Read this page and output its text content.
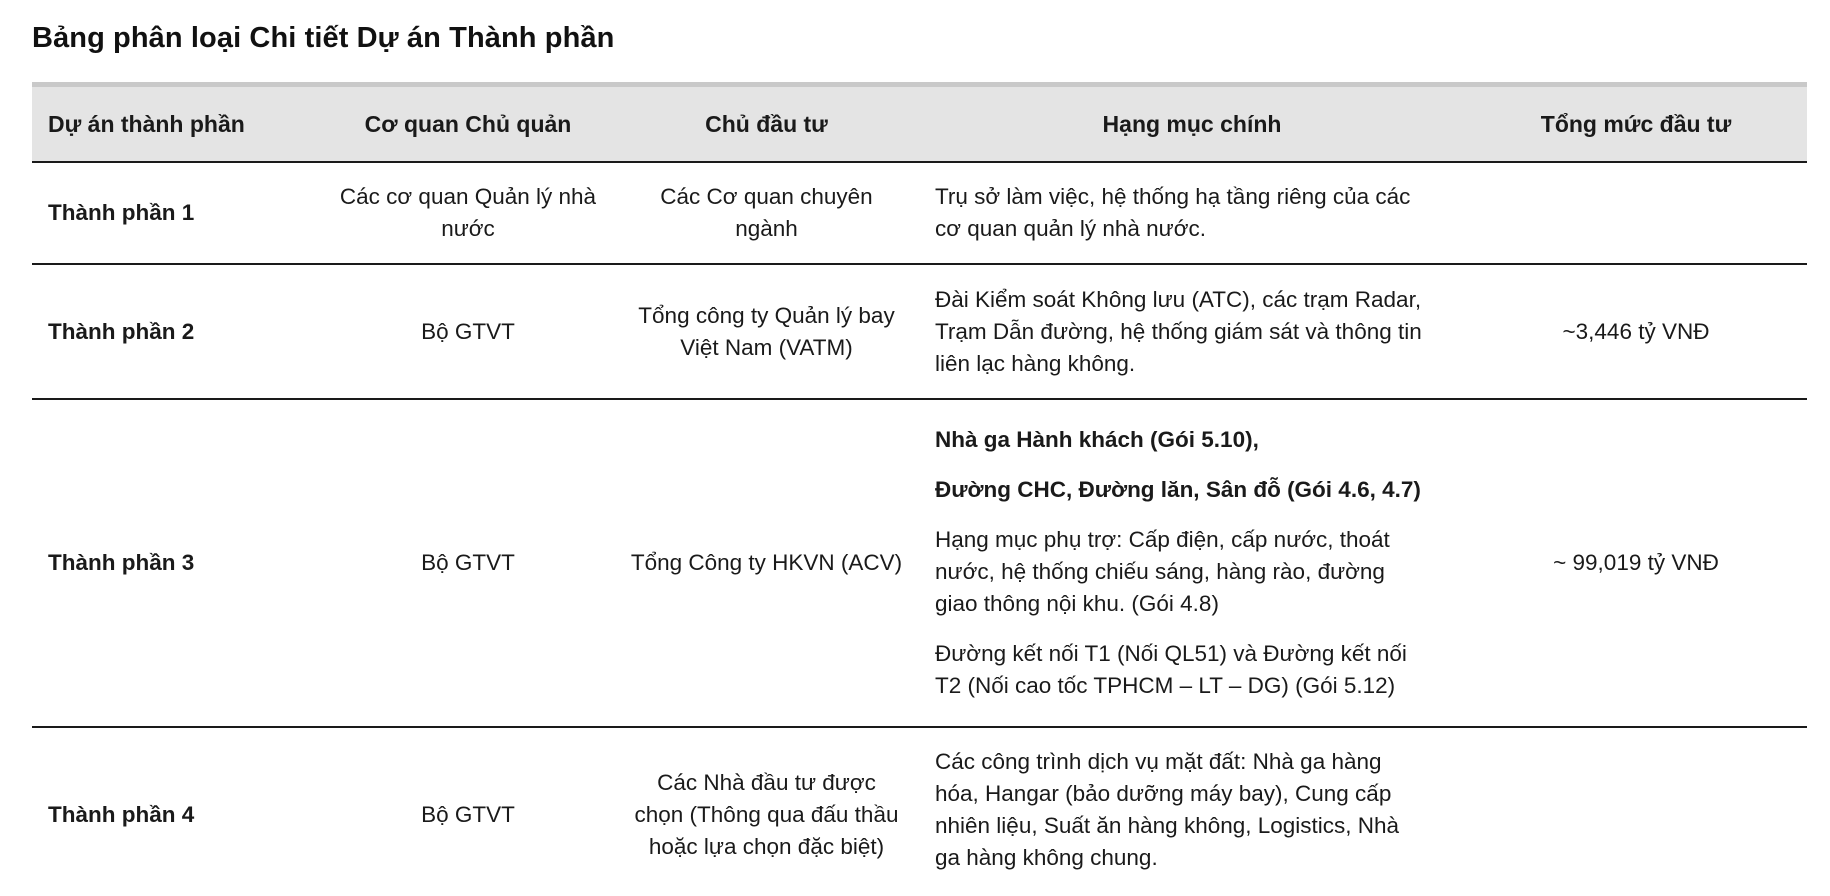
Bảng phân loại Chi tiết Dự án Thành phần
Dự án thành phần	Cơ quan Chủ quản	Chủ đầu tư	Hạng mục chính	Tổng mức đầu tư
Thành phần 1	Các cơ quan Quản lý nhà nước	Các Cơ quan chuyên ngành	Trụ sở làm việc, hệ thống hạ tầng riêng của các cơ quan quản lý nhà nước.	

Thành phần 2	Bộ GTVT	Tổng công ty Quản lý bay Việt Nam (VATM)	Đài Kiểm soát Không lưu (ATC), các trạm Radar, Trạm Dẫn đường, hệ thống giám sát và thông tin liên lạc hàng không.	~3,446 tỷ VNĐ
Thành phần 3	Bộ GTVT	Tổng Công ty HKVN (ACV)	Nhà ga Hành khách (Gói 5.10),

Đường CHC, Đường lăn, Sân đỗ (Gói 4.6, 4.7)

Hạng mục phụ trợ: Cấp điện, cấp nước, thoát nước, hệ thống chiếu sáng, hàng rào, đường giao thông nội khu. (Gói 4.8)

Đường kết nối T1 (Nối QL51) và Đường kết nối T2 (Nối cao tốc TPHCM – LT – DG) (Gói 5.12)	~ 99,019 tỷ VNĐ
Thành phần 4	Bộ GTVT	Các Nhà đầu tư được chọn (Thông qua đấu thầu hoặc lựa chọn đặc biệt)	Các công trình dịch vụ mặt đất: Nhà ga hàng hóa, Hangar (bảo dưỡng máy bay), Cung cấp nhiên liệu, Suất ăn hàng không, Logistics, Nhà ga hàng không chung.	
